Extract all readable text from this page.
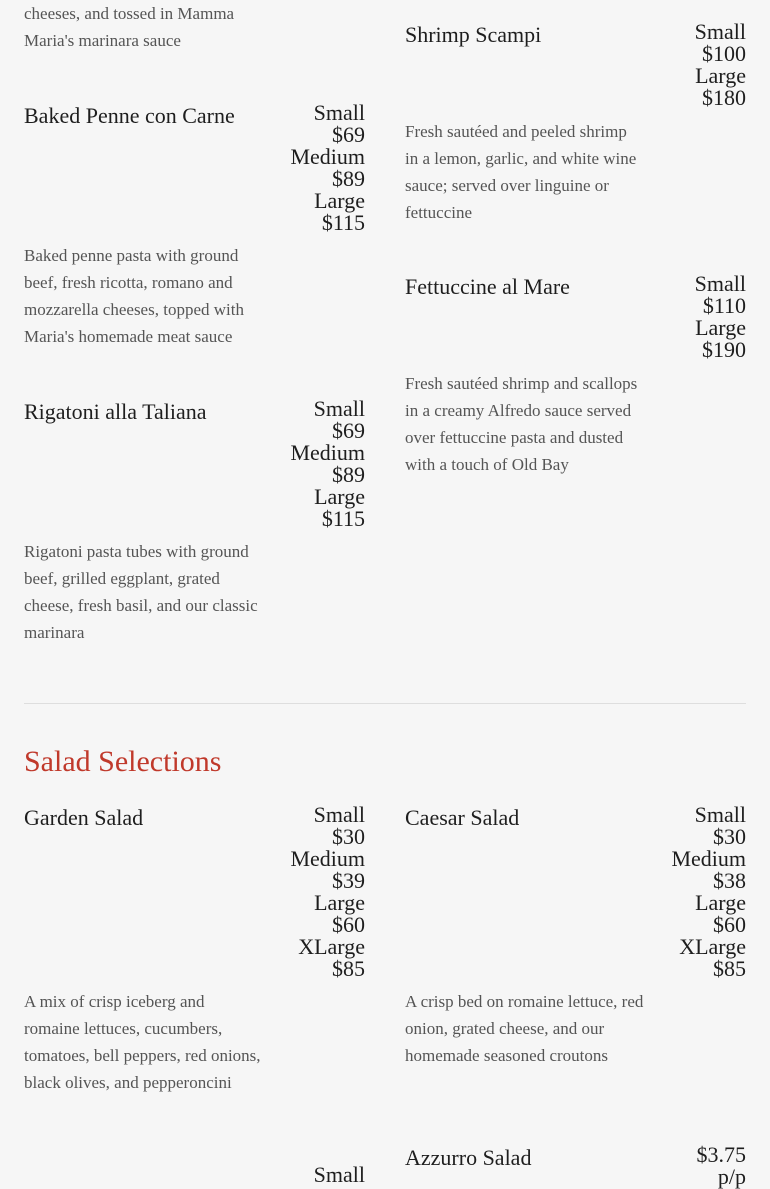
cheeses, and tossed in Mamma Maria's marinara sauce
Baked Penne con Carne	Small
$69
Medium
$89
Large
$115
Baked penne pasta with ground beef, fresh ricotta, romano and mozzarella cheeses, topped with Maria's homemade meat sauce
Rigatoni alla Taliana	Small
$69
Medium
$89
Large
$115
Rigatoni pasta tubes with ground beef, grilled eggplant, grated cheese, fresh basil, and our classic marinara
Shrimp Scampi	Small
$100
Large
$180
Fresh sautéed and peeled shrimp in a lemon, garlic, and white wine sauce; served over linguine or fettuccine
Fettuccine al Mare	Small
$110
Large
$190
Fresh sautéed shrimp and scallops in a creamy Alfredo sauce served over fettuccine pasta and dusted with a touch of Old Bay
Salad Selections
Garden Salad	Small
$30
Medium
$39
Large
$60
XLarge
$85
A mix of crisp iceberg and romaine lettuces, cucumbers, tomatoes, bell peppers, red onions, black olives, and pepperoncini
Caesar Salad	Small
$30
Medium
$38
Large
$60
XLarge
$85
A crisp bed on romaine lettuce, red onion, grated cheese, and our homemade seasoned croutons
Small
Azzurro Salad	$3.75
p/p
